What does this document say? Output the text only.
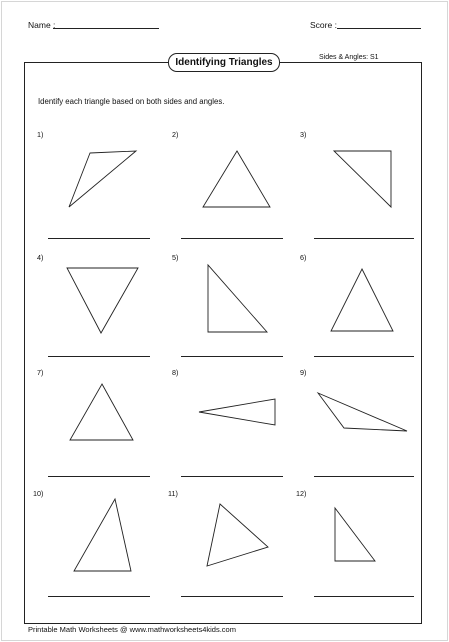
Name :	Score :
Identifying Triangles	Sides & Angles: S1
Identify each triangle based on both sides and angles.
1)	2)	3)
4)	5)	6)
7)	8)	9)
10)	11)	12)
Printable Math Worksheets @ www.mathworksheets4kids.com
